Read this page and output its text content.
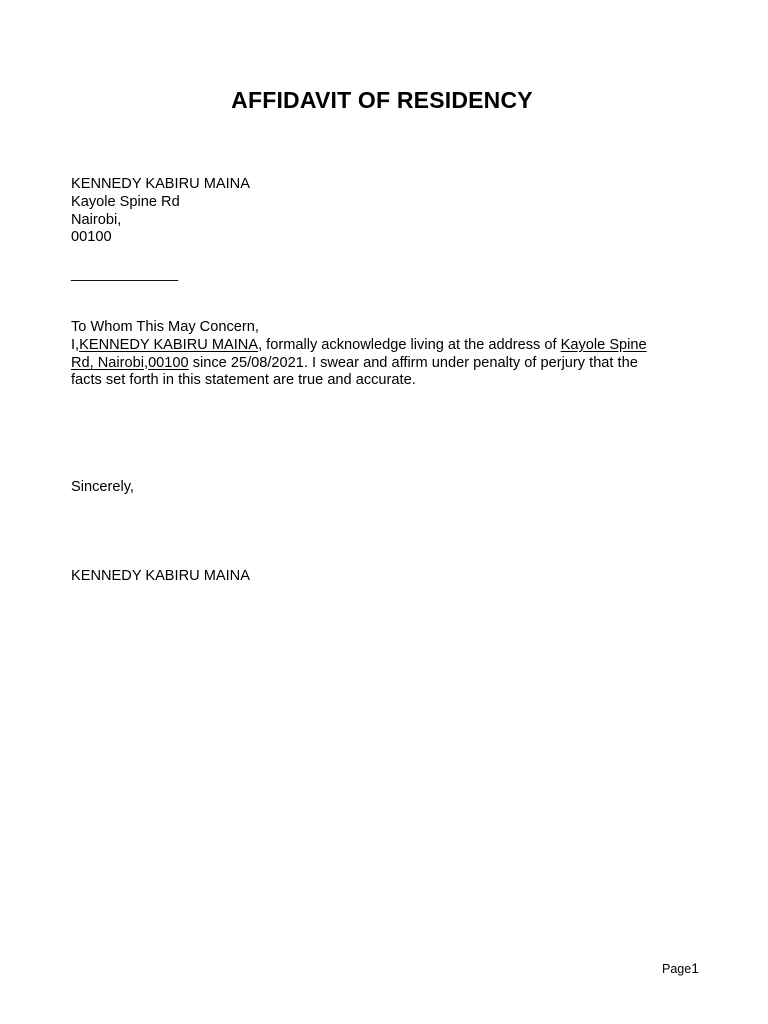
AFFIDAVIT OF RESIDENCY
KENNEDY KABIRU MAINA
Kayole Spine Rd
Nairobi,
00100
______________
To Whom This May Concern,
I,KENNEDY KABIRU MAINA, formally acknowledge living at the address of Kayole Spine
Rd, Nairobi,00100 since 25/08/2021. I swear and affirm under penalty of perjury that the
facts set forth in this statement are true and accurate.
Sincerely,
KENNEDY KABIRU MAINA
Page1
